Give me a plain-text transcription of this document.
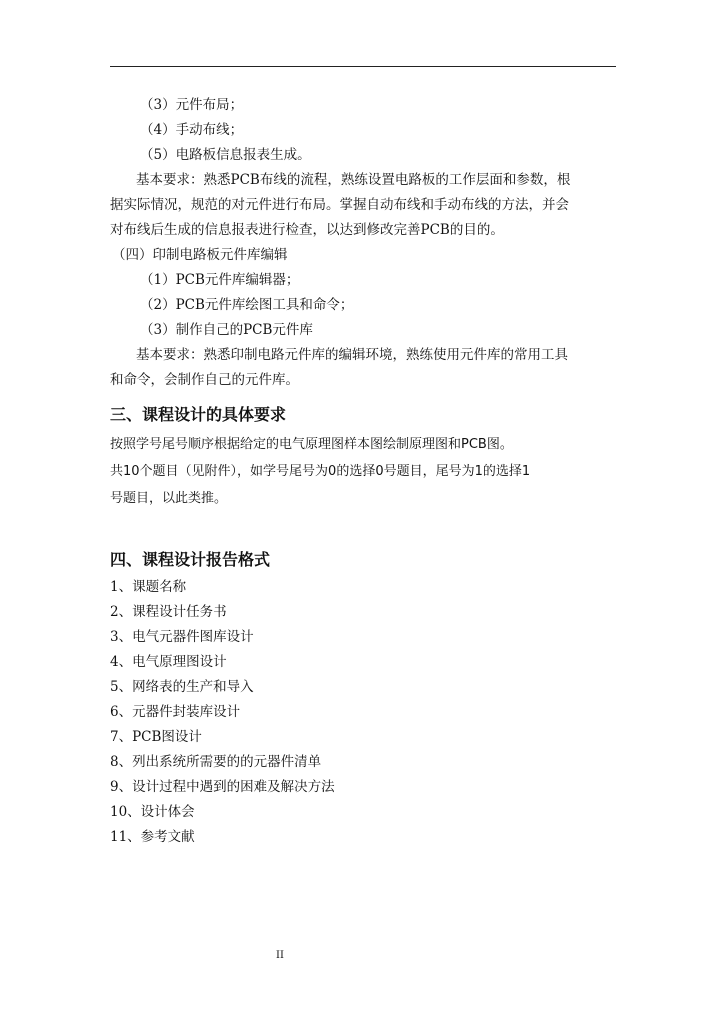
（3）元件布局；
（4）手动布线；
（5）电路板信息报表生成。
基本要求：熟悉PCB布线的流程，熟练设置电路板的工作层面和参数，根
据实际情况，规范的对元件进行布局。掌握自动布线和手动布线的方法，并会
对布线后生成的信息报表进行检查，以达到修改完善PCB的目的。
（四）印制电路板元件库编辑
（1）PCB元件库编辑器；
（2）PCB元件库绘图工具和命令；
（3）制作自己的PCB元件库
基本要求：熟悉印制电路元件库的编辑环境，熟练使用元件库的常用工具
和命令，会制作自己的元件库。
三、课程设计的具体要求
按照学号尾号顺序根据给定的电气原理图样本图绘制原理图和PCB图。
共10个题目（见附件），如学号尾号为0的选择0号题目，尾号为1的选择1
号题目，以此类推。
四、课程设计报告格式
1、课题名称
2、课程设计任务书
3、电气元器件图库设计
4、电气原理图设计
5、网络表的生产和导入
6、元器件封装库设计
7、PCB图设计
8、列出系统所需要的的元器件清单
9、设计过程中遇到的困难及解决方法
10、设计体会
11、参考文献
II
